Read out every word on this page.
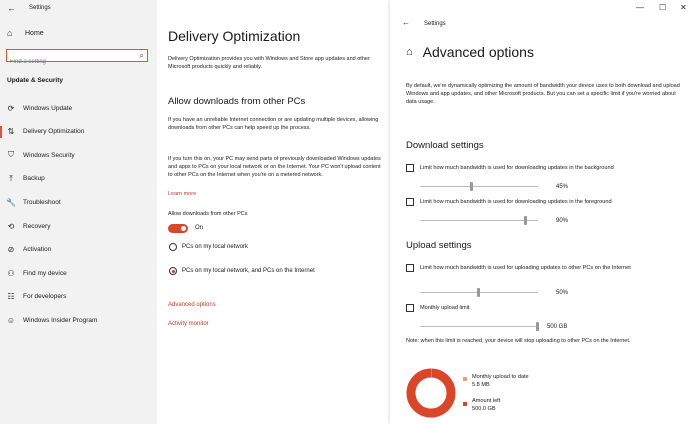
← Settings
⌂	Home
Find a setting
⌕
Update & Security
⟳ Windows Update
⇅ Delivery Optimization
⛉	Windows Security
⤒	Backup
🔧 Troubleshoot
⟲ Recovery
⊘ Activation
⚇ Find my device
☷ For developers
☺ Windows Insider Program
Delivery Optimization
Delivery Optimization provides you with Windows and Store app updates and other Microsoft products quickly and reliably.
Allow downloads from other PCs
If you have an unreliable Internet connection or are updating multiple devices, allowing downloads from other PCs can help speed up the process.
If you turn this on, your PC may send parts of previously downloaded Windows updates and apps to PCs on your local network or on the Internet. Your PC won't upload content to other PCs on the Internet when you're on a metered network.
Learn more
Allow downloads from other PCs
On
PCs on my local network
PCs on my local network, and PCs on the Internet
Advanced options
Activity monitor
— ☐ ✕
← Settings
⌂ Advanced options
By default, we're dynamically optimizing the amount of bandwidth your device uses to both download and upload Windows and app updates, and other Microsoft products. But you can set a specific limit if you're worried about data usage.
Download settings
Limit how much bandwidth is used for downloading updates in the background
45%
Limit how much bandwidth is used for downloading updates in the foreground
90%
Upload settings
Limit how much bandwidth is used for uploading updates to other PCs on the Internet
50%
Monthly upload limit
500 GB
Note: when this limit is reached, your device will stop uploading to other PCs on the Internet.
Monthly upload to date
5.8 MB
Amount left
500.0 GB
